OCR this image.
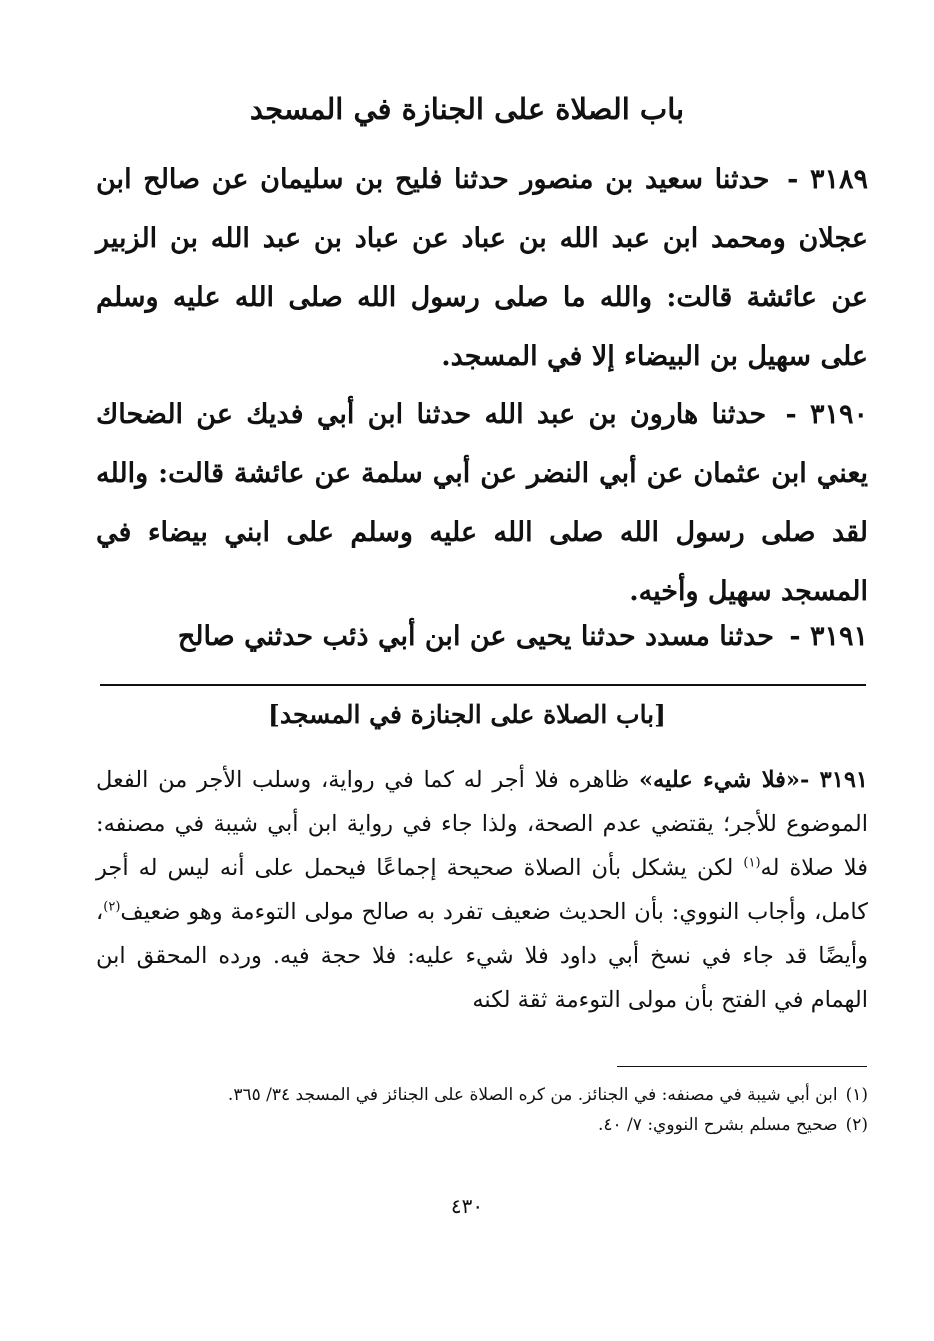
باب الصلاة على الجنازة في المسجد
٣١٨٩ - حدثنا سعيد بن منصور حدثنا فليح بن سليمان عن صالح ابن عجلان ومحمد ابن عبد الله بن عباد عن عباد بن عبد الله بن الزبير عن عائشة قالت: والله ما صلى رسول الله صلى الله عليه وسلم على سهيل بن البيضاء إلا في المسجد.
٣١٩٠ - حدثنا هارون بن عبد الله حدثنا ابن أبي فديك عن الضحاك يعني ابن عثمان عن أبي النضر عن أبي سلمة عن عائشة قالت: والله لقد صلى رسول الله صلى الله عليه وسلم على ابني بيضاء في المسجد سهيل وأخيه.
٣١٩١ - حدثنا مسدد حدثنا يحيى عن ابن أبي ذئب حدثني صالح
[باب الصلاة على الجنازة في المسجد]
٣١٩١ -«فلا شيء عليه» ظاهره فلا أجر له كما في رواية، وسلب الأجر من الفعل الموضوع للأجر؛ يقتضي عدم الصحة، ولذا جاء في رواية ابن أبي شيبة في مصنفه: فلا صلاة له$^{(١)}$ لكن يشكل بأن الصلاة صحيحة إجماعًا فيحمل على أنه ليس له أجر كامل، وأجاب النووي: بأن الحديث ضعيف تفرد به صالح مولى التوءمة وهو ضعيف$^{(٢)}$، وأيضًا قد جاء في نسخ أبي داود فلا شيء عليه: فلا حجة فيه. ورده المحقق ابن الهمام في الفتح بأن مولى التوءمة ثقة لكنه
(١)ابن أبي شيبة في مصنفه: في الجنائز. من كره الصلاة على الجنائز في المسجد ٣٤/ ٣٦٥.
(٢)صحيح مسلم بشرح النووي: ٧/ ٤٠.
٤٣٠
